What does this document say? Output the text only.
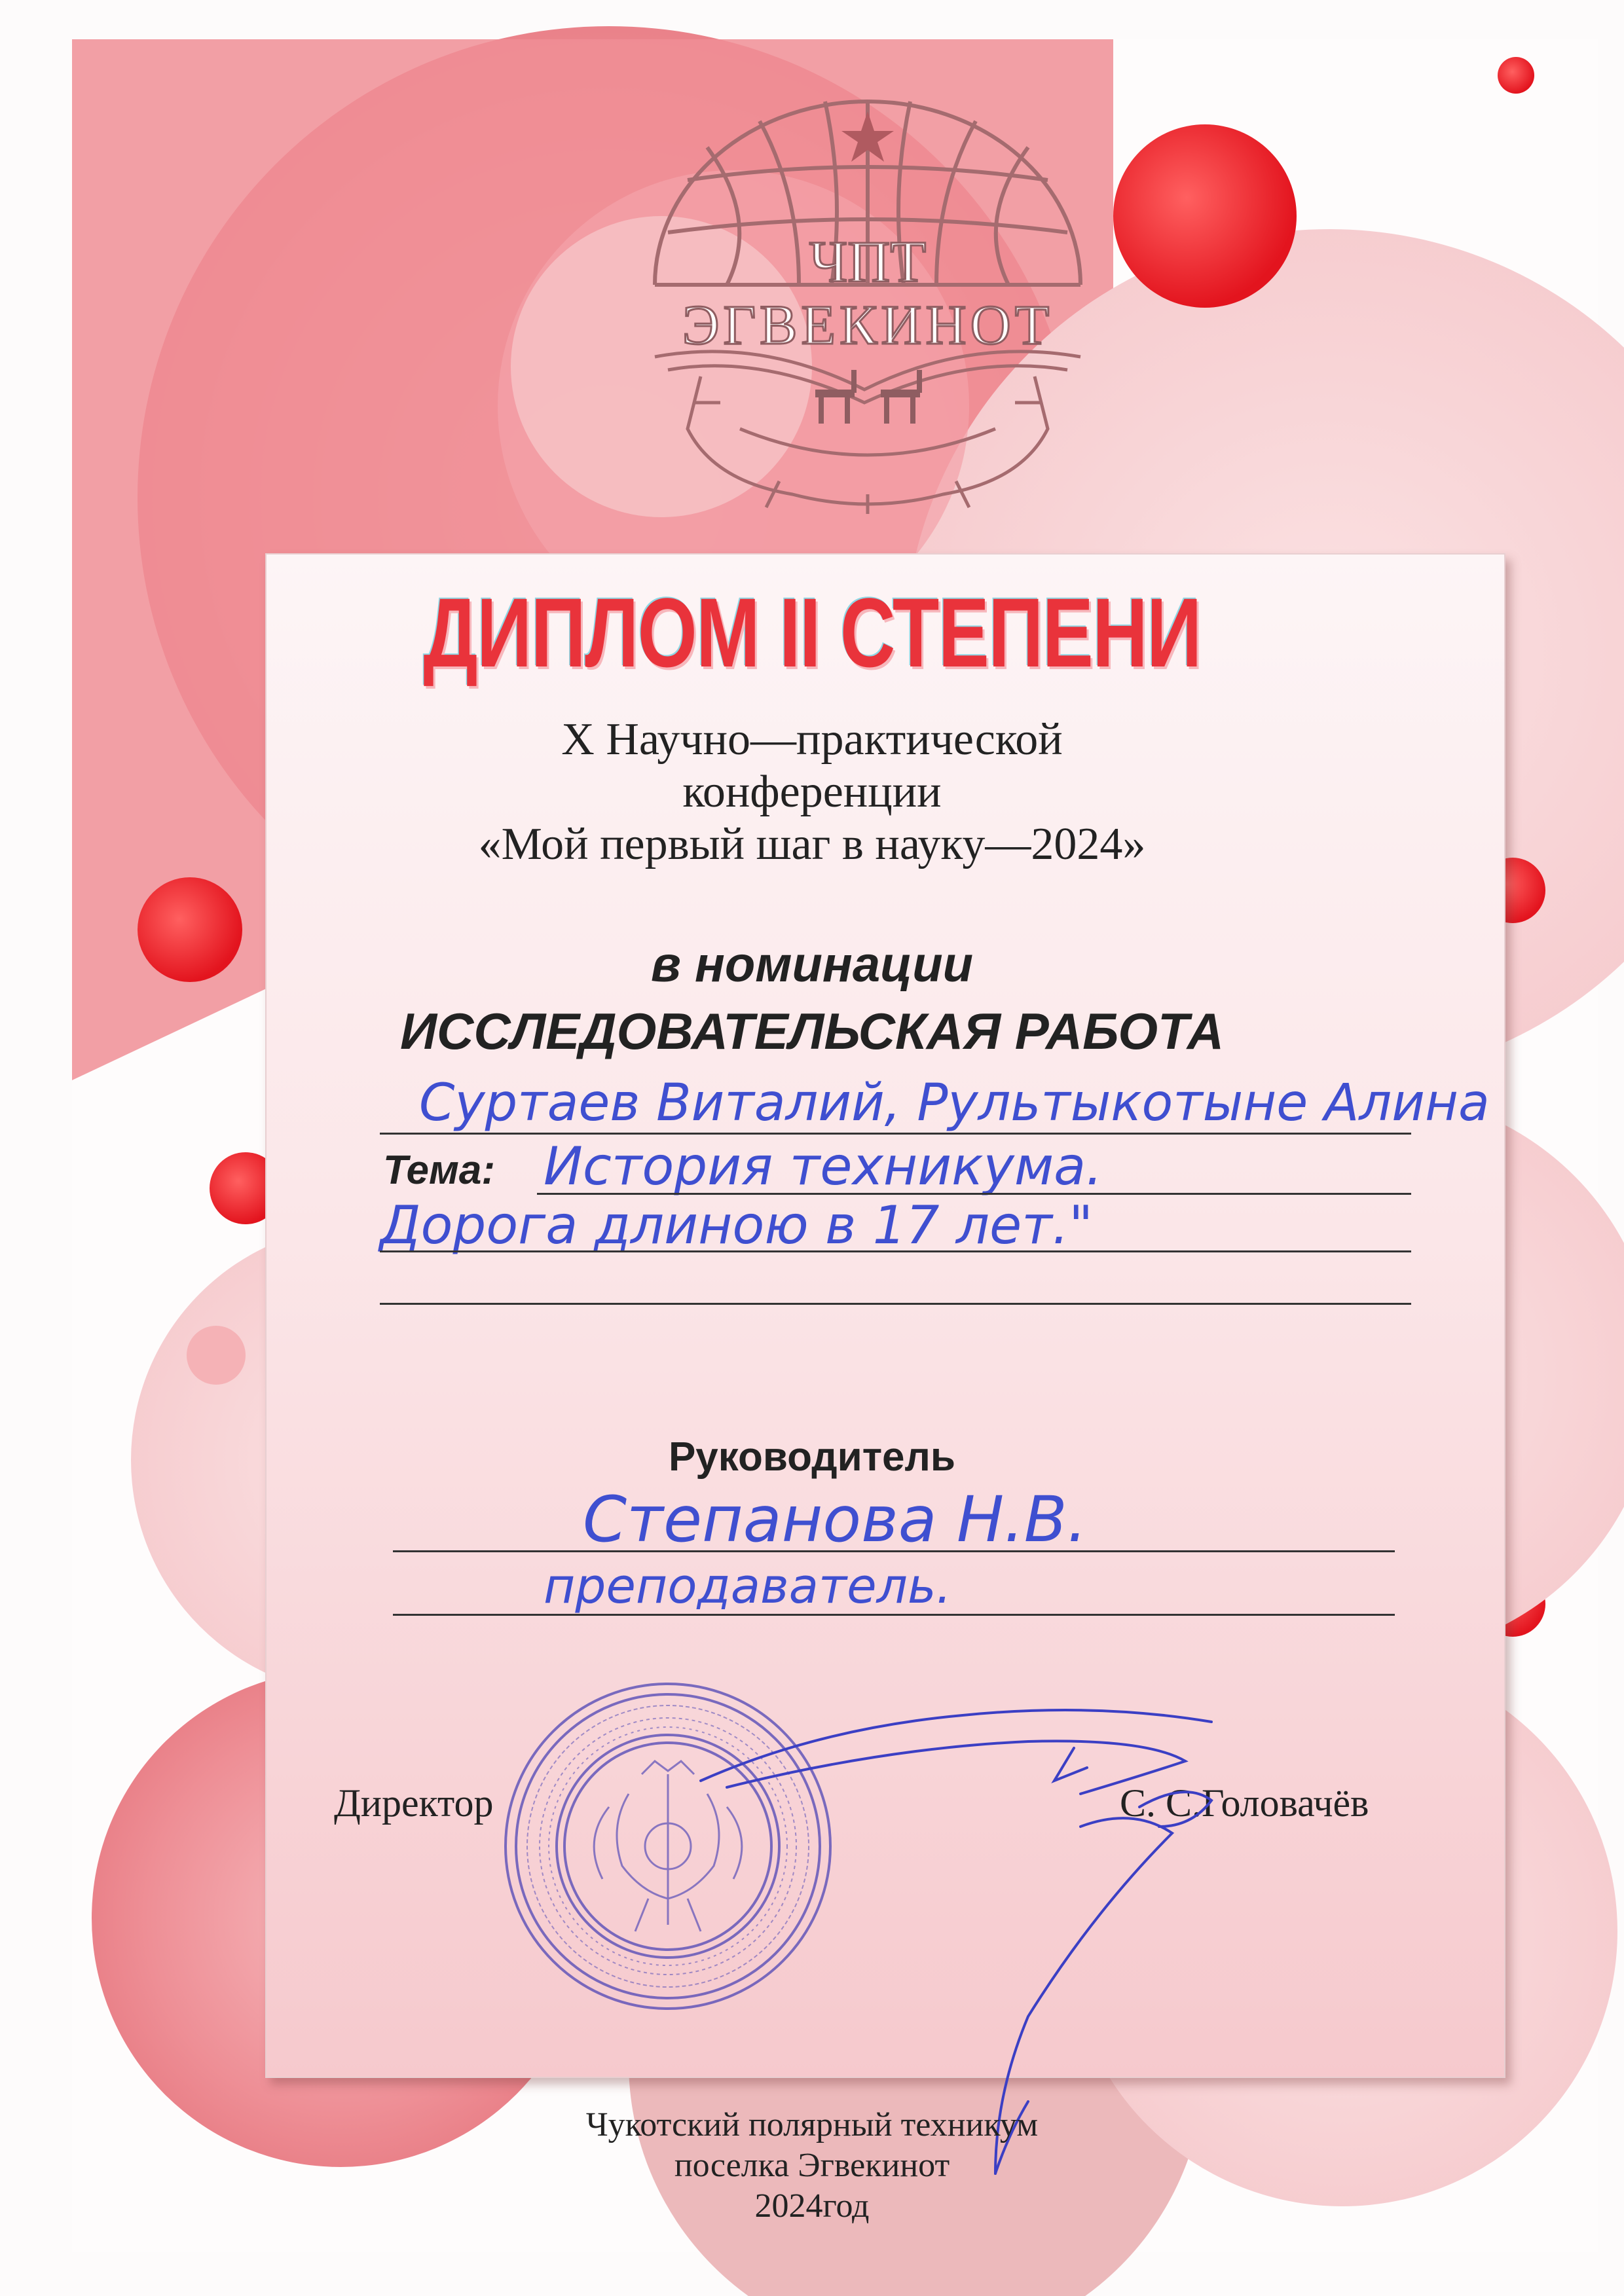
ЧПТ
ЭГВЕКИНОТ
ДИПЛОМ II СТЕПЕНИ
X Научно—практической
конференции
«Мой первый шаг в науку—2024»
в номинации
ИССЛЕДОВАТЕЛЬСКАЯ РАБОТА
Суртаев Виталий, Рультыкотыне Алина
Тема: История техникума.
Дорога длиною в 17 лет."
Руководитель
Степанова Н.В.
преподаватель.
Директор	С. С.Головачёв
Чукотский полярный техникум
поселка Эгвекинот
2024год
